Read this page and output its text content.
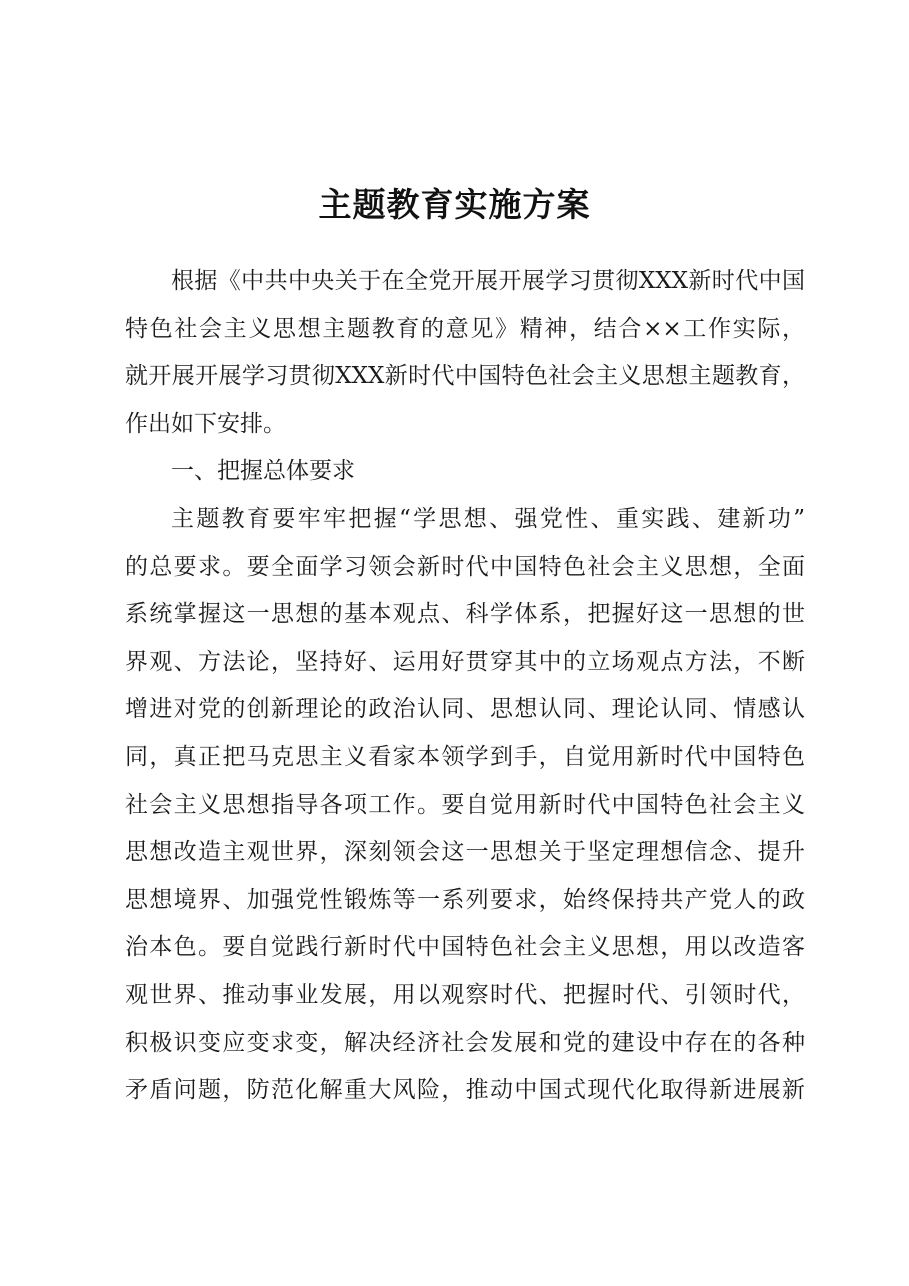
主题教育实施方案
根据《中共中央关于在全党开展开展学习贯彻XXX新时代中国
特色社会主义思想主题教育的意见》精神，结合××工作实际，
就开展开展学习贯彻XXX新时代中国特色社会主义思想主题教育，
作出如下安排。
一、把握总体要求
主题教育要牢牢把握“学思想、强党性、重实践、建新功”
的总要求。要全面学习领会新时代中国特色社会主义思想，全面
系统掌握这一思想的基本观点、科学体系，把握好这一思想的世
界观、方法论，坚持好、运用好贯穿其中的立场观点方法，不断
增进对党的创新理论的政治认同、思想认同、理论认同、情感认
同，真正把马克思主义看家本领学到手，自觉用新时代中国特色
社会主义思想指导各项工作。要自觉用新时代中国特色社会主义
思想改造主观世界，深刻领会这一思想关于坚定理想信念、提升
思想境界、加强党性锻炼等一系列要求，始终保持共产党人的政
治本色。要自觉践行新时代中国特色社会主义思想，用以改造客
观世界、推动事业发展，用以观察时代、把握时代、引领时代，
积极识变应变求变，解决经济社会发展和党的建设中存在的各种
矛盾问题，防范化解重大风险，推动中国式现代化取得新进展新
